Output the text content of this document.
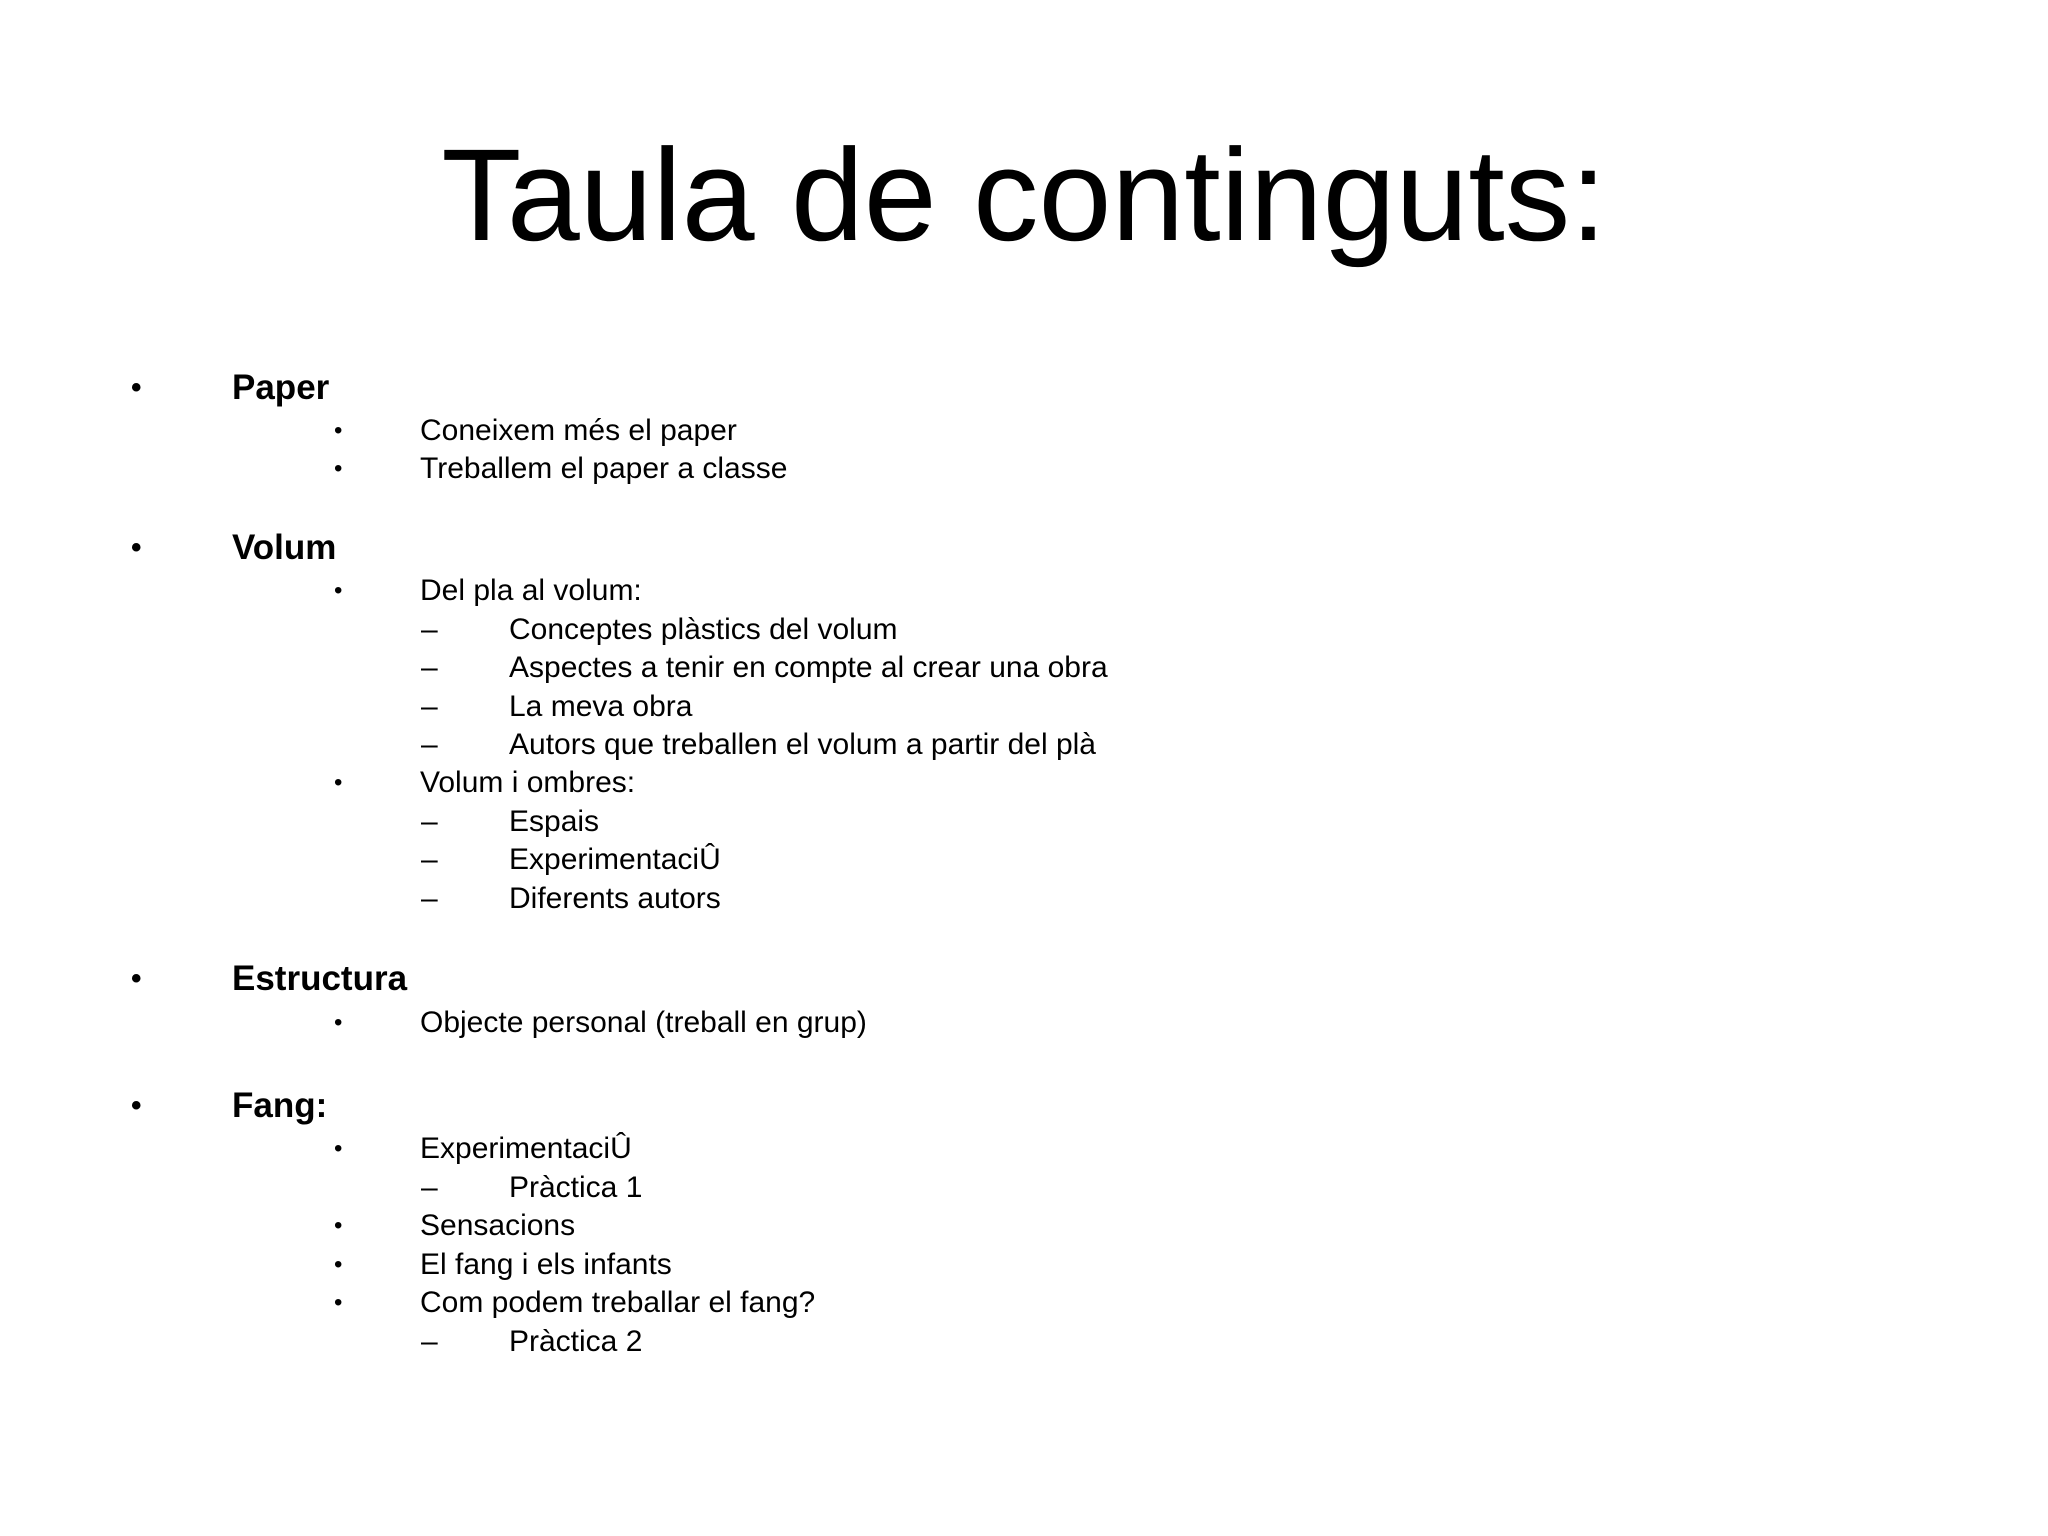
Taula de continguts:
•	Paper
•	Coneixem més el paper
•	Treballem el paper a classe
•	Volum
•	Del pla al volum:
– Conceptes plàstics del volum
– Aspectes a tenir en compte al crear una obra
– La meva obra
– Autors que treballen el volum a partir del plà
•	Volum i ombres:
– Espais
– ExperimentaciÛ
– Diferents autors
•	Estructura
•	Objecte personal (treball en grup)
•	Fang:
•	ExperimentaciÛ
– Pràctica 1
•	Sensacions
•	El fang i els infants
•	Com podem treballar el fang?
– Pràctica 2
